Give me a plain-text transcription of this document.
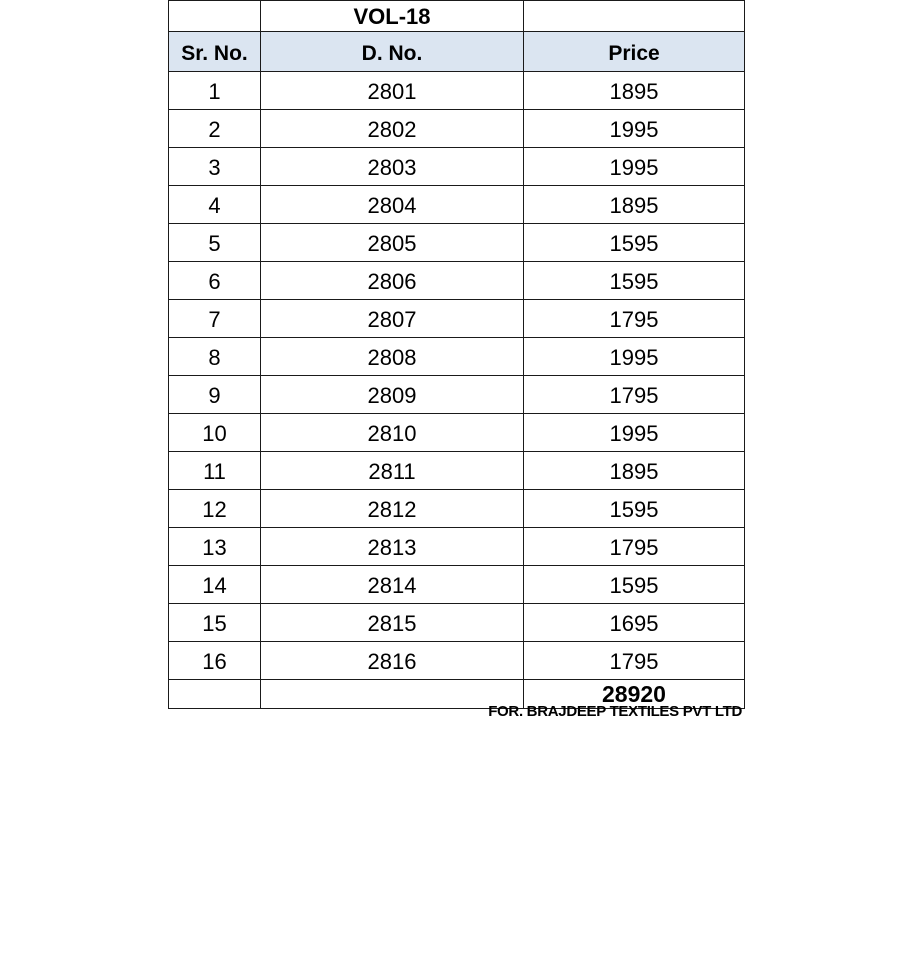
	VOL-18	
Sr. No.	D. No.	Price
1	2801	1895
2	2802	1995
3	2803	1995
4	2804	1895
5	2805	1595
6	2806	1595
7	2807	1795
8	2808	1995
9	2809	1795
10	2810	1995
11	2811	1895
12	2812	1595
13	2813	1795
14	2814	1595
15	2815	1695
16	2816	1795
		28920
FOR. BRAJDEEP TEXTILES PVT LTD
